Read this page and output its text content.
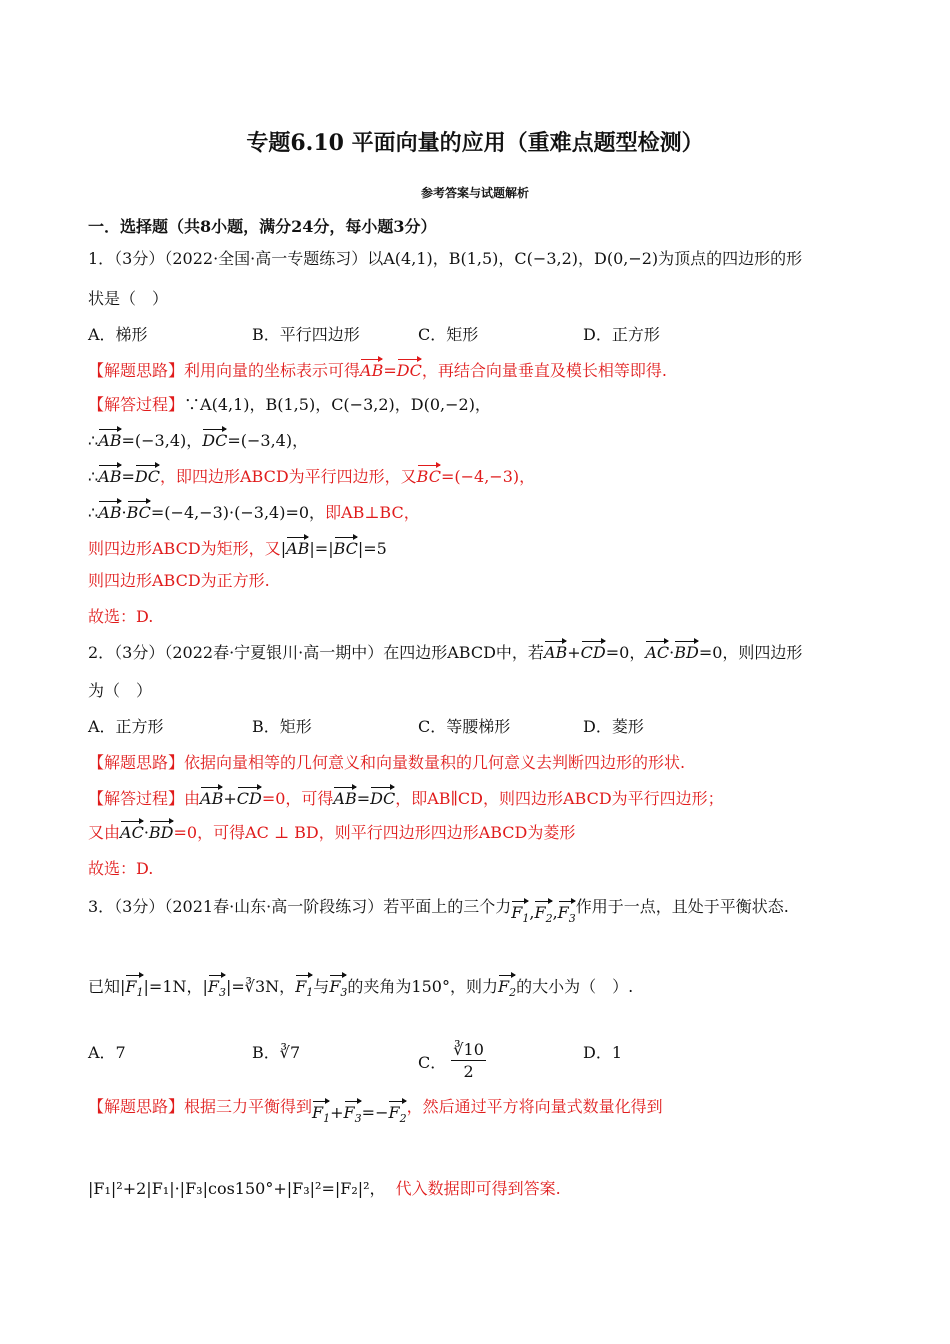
专题6.10 平面向量的应用（重难点题型检测）
参考答案与试题解析
一．选择题（共8小题，满分24分，每小题3分）
1．（3分）（2022·全国·高一专题练习）以A(4,1)，B(1,5)，C(−3,2)，D(0,−2)为顶点的四边形的形
状是（　）
A．梯形	B．平行四边形	C．矩形	D．正方形
【解题思路】利用向量的坐标表示可得AB=DC，再结合向量垂直及模长相等即得.
【解答过程】∵A(4,1)，B(1,5)，C(−3,2)，D(0,−2)，
∴AB=(−3,4)，DC=(−3,4)，
∴AB=DC，即四边形ABCD为平行四边形，又BC=(−4,−3)，
∴AB·BC=(−4,−3)·(−3,4)=0，即AB⊥BC，
则四边形ABCD为矩形，又|AB|=|BC|=5
则四边形ABCD为正方形.
故选：D.
2．（3分）（2022春·宁夏银川·高一期中）在四边形ABCD中，若AB+CD=0，AC·BD=0，则四边形
为（　）
A．正方形	B．矩形	C．等腰梯形	D．菱形
【解题思路】依据向量相等的几何意义和向量数量积的几何意义去判断四边形的形状.
【解答过程】由AB+CD=0，可得AB=DC，即AB∥CD，则四边形ABCD为平行四边形；
又由AC·BD=0，可得AC ⊥ BD，则平行四边形四边形ABCD为菱形
故选：D.
3．（3分）（2021春·山东·高一阶段练习）若平面上的三个力$F_1,F_2,F_3$作用于一点，且处于平衡状态.
已知$|F_1|=1N$，$|F_3|=∛3N$，$F_1$与$F_3$的夹角为150°，则力$F_2$的大小为（　）.
A．7	B．∛7
C． $\frac{∛10}{2}$	D．1
【解题思路】根据三力平衡得到$F_1+F_3=-F_2$，然后通过平方将向量式数量化得到
|F₁|²+2|F₁|·|F₃|cos150°+|F₃|²=|F₂|²， 代入数据即可得到答案.
